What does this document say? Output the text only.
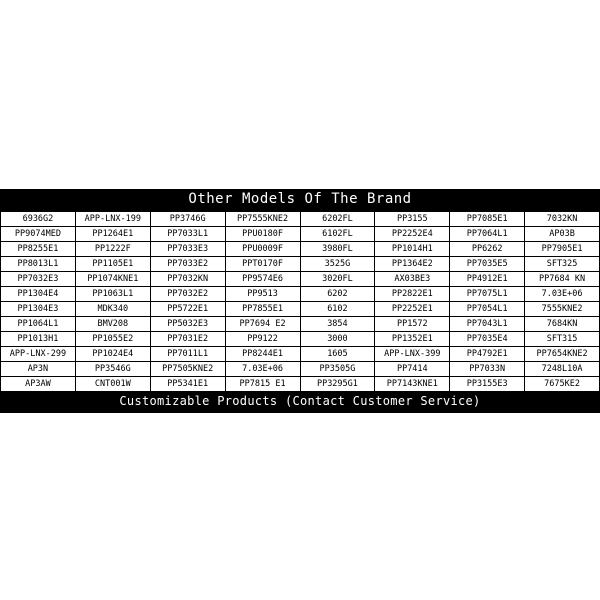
Other Models Of The Brand
6936G2	APP-LNX-199	PP3746G	PP7555KNE2	6202FL	PP3155	PP7085E1	7032KN
PP9074MED	PP1264E1	PP7033L1	PPU0180F	6102FL	PP2252E4	PP7064L1	AP03B
PP8255E1	PP1222F	PP7033E3	PPU0009F	3980FL	PP1014H1	PP6262	PP7905E1
PP8013L1	PP1105E1	PP7033E2	PPT0170F	3525G	PP1364E2	PP7035E5	SFT325
PP7032E3	PP1074KNE1	PP7032KN	PP9574E6	3020FL	AX03BE3	PP4912E1	PP7684 KN
PP1304E4	PP1063L1	PP7032E2	PP9513	6202	PP2822E1	PP7075L1	7.03E+06
PP1304E3	MDK340	PP5722E1	PP7855E1	6102	PP2252E1	PP7054L1	7555KNE2
PP1064L1	BMV208	PP5032E3	PP7694 E2	3854	PP1572	PP7043L1	7684KN
PP1013H1	PP1055E2	PP7031E2	PP9122	3000	PP1352E1	PP7035E4	SFT315
APP-LNX-299	PP1024E4	PP7011L1	PP8244E1	1605	APP-LNX-399	PP4792E1	PP7654KNE2
AP3N	PP3546G	PP7505KNE2	7.03E+06	PP3505G	PP7414	PP7033N	7248L10A
AP3AW	CNT001W	PP5341E1	PP7815 E1	PP3295G1	PP7143KNE1	PP3155E3	7675KE2
Customizable Products (Contact Customer Service)
